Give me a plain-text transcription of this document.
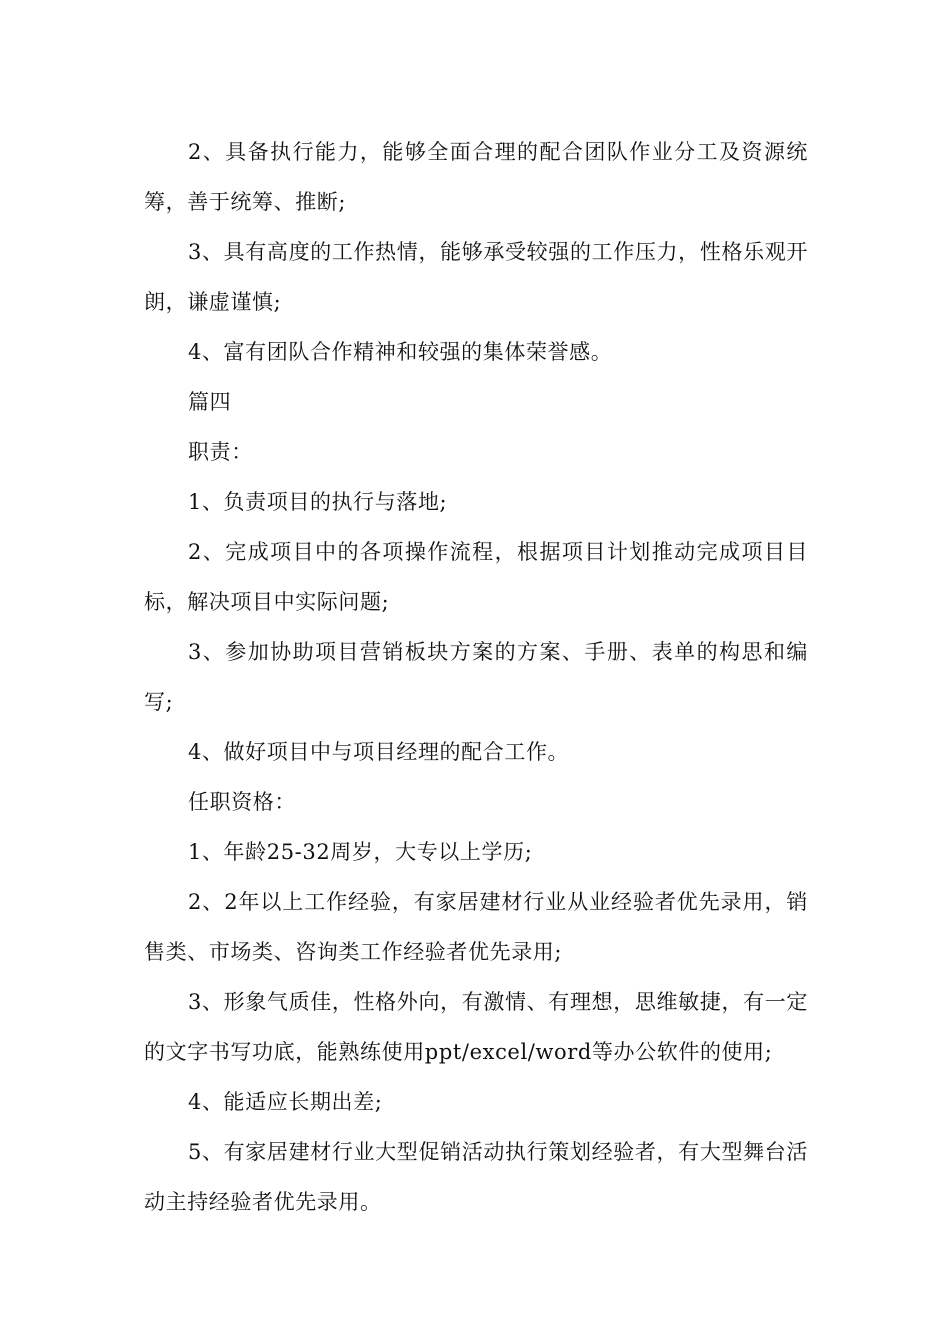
2、具备执行能力，能够全面合理的配合团队作业分工及资源统筹，善于统筹、推断;

3、具有高度的工作热情，能够承受较强的工作压力，性格乐观开朗，谦虚谨慎;

4、富有团队合作精神和较强的集体荣誉感。

篇四

职责：

1、负责项目的执行与落地;

2、完成项目中的各项操作流程，根据项目计划推动完成项目目标，解决项目中实际问题;

3、参加协助项目营销板块方案的方案、手册、表单的构思和编写;

4、做好项目中与项目经理的配合工作。

任职资格：

1、年龄25-32周岁，大专以上学历;

2、2年以上工作经验，有家居建材行业从业经验者优先录用，销售类、市场类、咨询类工作经验者优先录用;

3、形象气质佳，性格外向，有激情、有理想，思维敏捷，有一定的文字书写功底，能熟练使用ppt/excel/word等办公软件的使用;

4、能适应长期出差;

5、有家居建材行业大型促销活动执行策划经验者，有大型舞台活动主持经验者优先录用。
